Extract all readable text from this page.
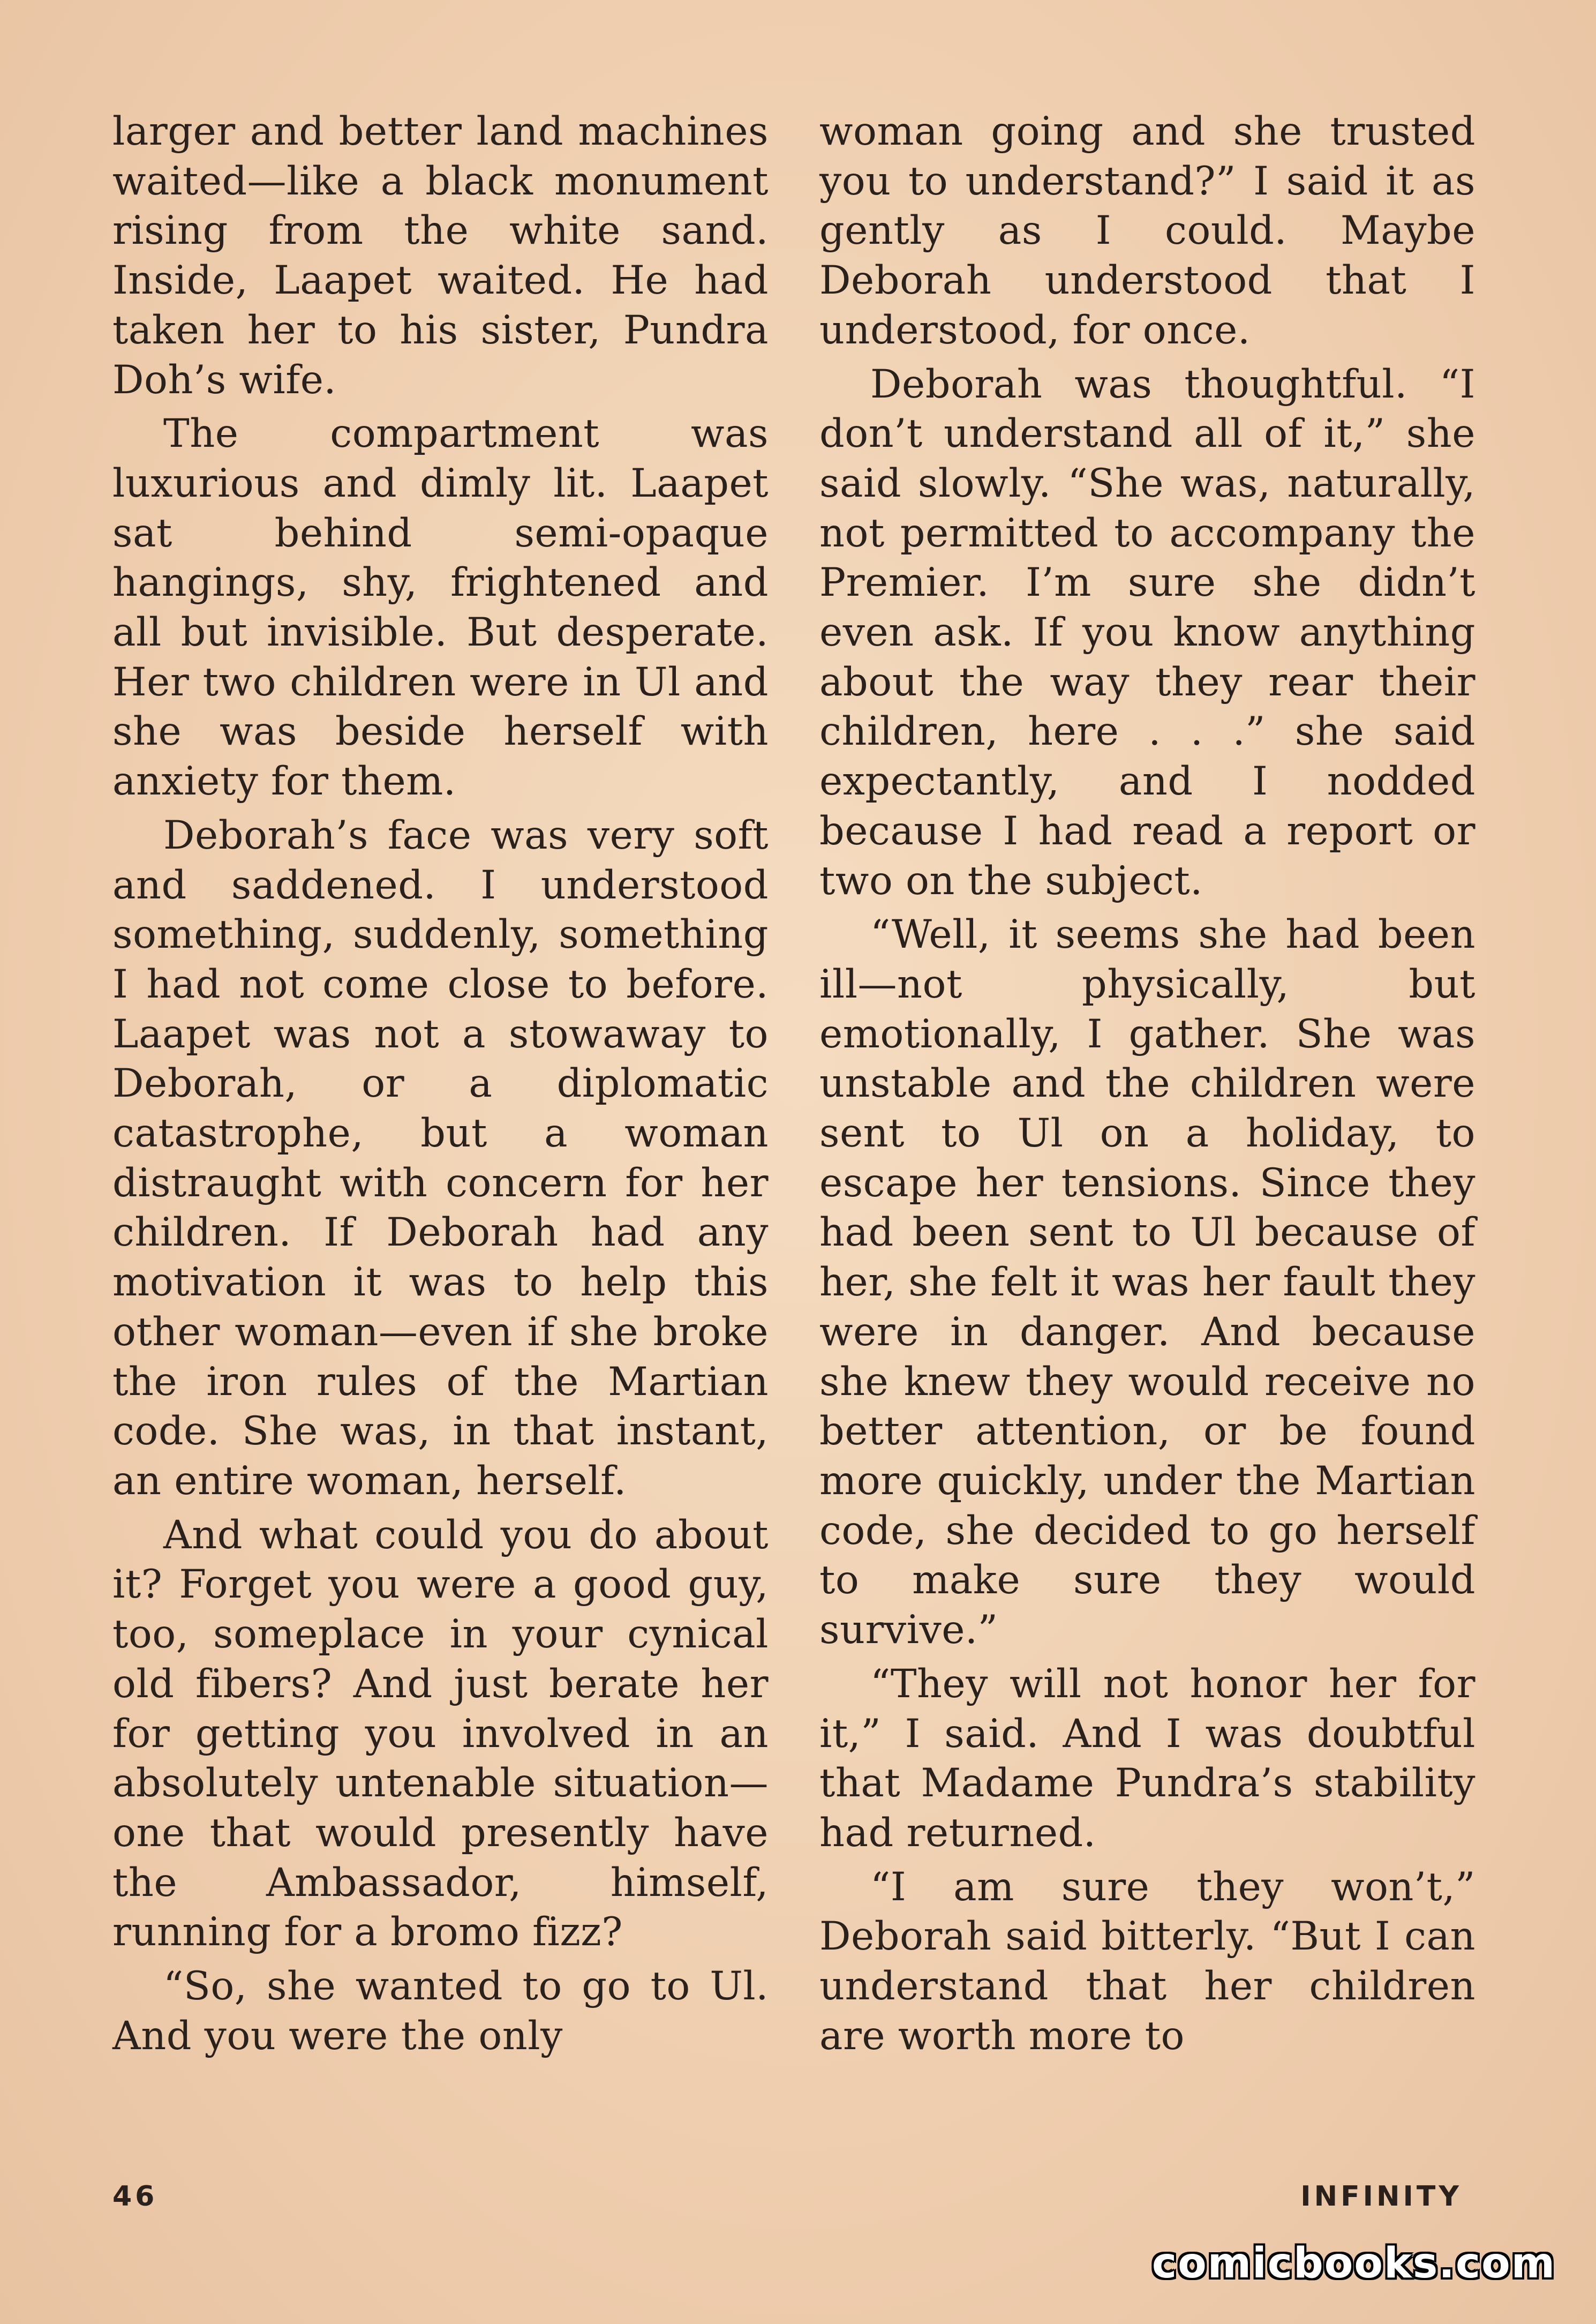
larger and better land machines waited—like a black monument rising from the white sand. Inside, Laapet waited. He had taken her to his sister, Pundra Doh’s wife.

The compartment was luxurious and dimly lit. Laapet sat behind semi-opaque hangings, shy, frightened and all but invisible. But desperate. Her two children were in Ul and she was beside herself with anxiety for them.

Deborah’s face was very soft and saddened. I understood something, suddenly, something I had not come close to before. Laapet was not a stowaway to Deborah, or a diplomatic catastrophe, but a woman distraught with concern for her children. If Deborah had any motivation it was to help this other woman—even if she broke the iron rules of the Martian code. She was, in that instant, an entire woman, herself.

And what could you do about it? Forget you were a good guy, too, someplace in your cynical old fibers? And just berate her for getting you involved in an absolutely untenable situation—one that would presently have the Ambassador, himself, running for a bromo fizz?

“So, she wanted to go to Ul. And you were the only

woman going and she trusted you to understand?” I said it as gently as I could. Maybe Deborah understood that I understood, for once.

Deborah was thoughtful. “I don’t understand all of it,” she said slowly. “She was, naturally, not permitted to accompany the Premier. I’m sure she didn’t even ask. If you know anything about the way they rear their children, here . . .” she said expectantly, and I nodded because I had read a report or two on the subject.

“Well, it seems she had been ill—not physically, but emotionally, I gather. She was unstable and the children were sent to Ul on a holiday, to escape her tensions. Since they had been sent to Ul because of her, she felt it was her fault they were in danger. And because she knew they would receive no better attention, or be found more quickly, under the Martian code, she decided to go herself to make sure they would survive.”

“They will not honor her for it,” I said. And I was doubtful that Madame Pundra’s stability had returned.

“I am sure they won’t,” Deborah said bitterly. “But I can understand that her children are worth more to

46	INFINITY
comicbooks.com
